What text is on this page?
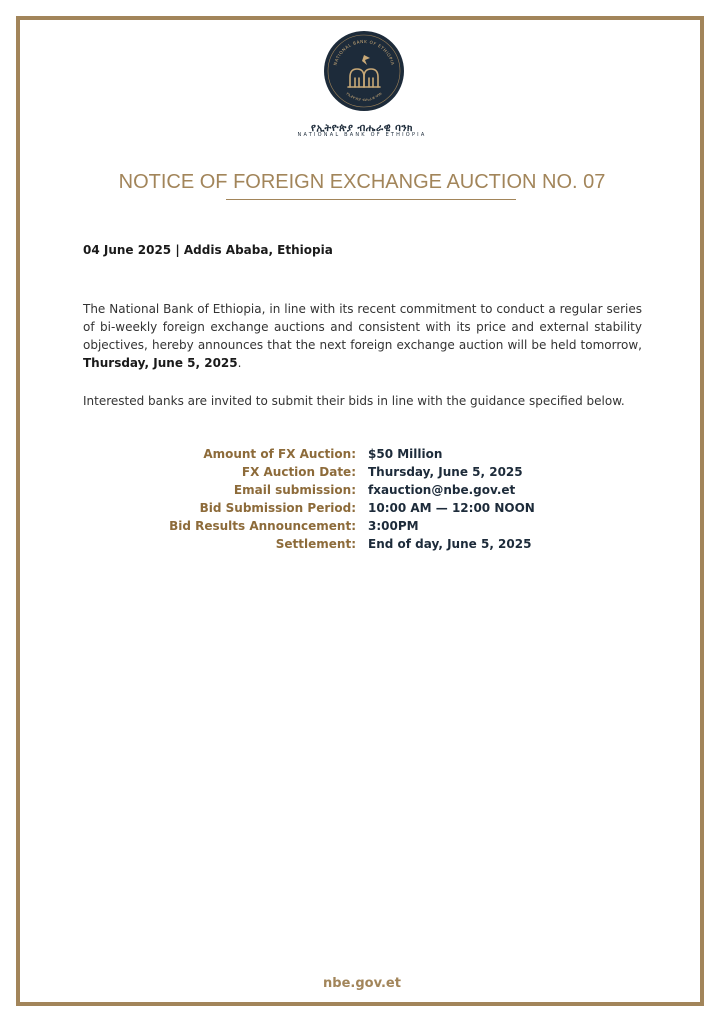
NATIONAL BANK OF ETHIOPIA
የኢትዮጵያ ብሔራዊ ባንክ
የኢትዮጵያ ብሔራዊ ባንክ
NATIONAL BANK OF ETHIOPIA
NOTICE OF FOREIGN EXCHANGE AUCTION NO. 07
04 June 2025 | Addis Ababa, Ethiopia
The National Bank of Ethiopia, in line with its recent commitment to conduct a regular series of bi-weekly foreign exchange auctions and consistent with its price and external stability objectives, hereby announces that the next foreign exchange auction will be held tomorrow, Thursday, June 5, 2025.
Interested banks are invited to submit their bids in line with the guidance specified below.
Amount of FX Auction: $50 Million
FX Auction Date: Thursday, June 5, 2025
Email submission: fxauction@nbe.gov.et
Bid Submission Period: 10:00 AM — 12:00 NOON
Bid Results Announcement: 3:00PM
Settlement: End of day, June 5, 2025
nbe.gov.et
